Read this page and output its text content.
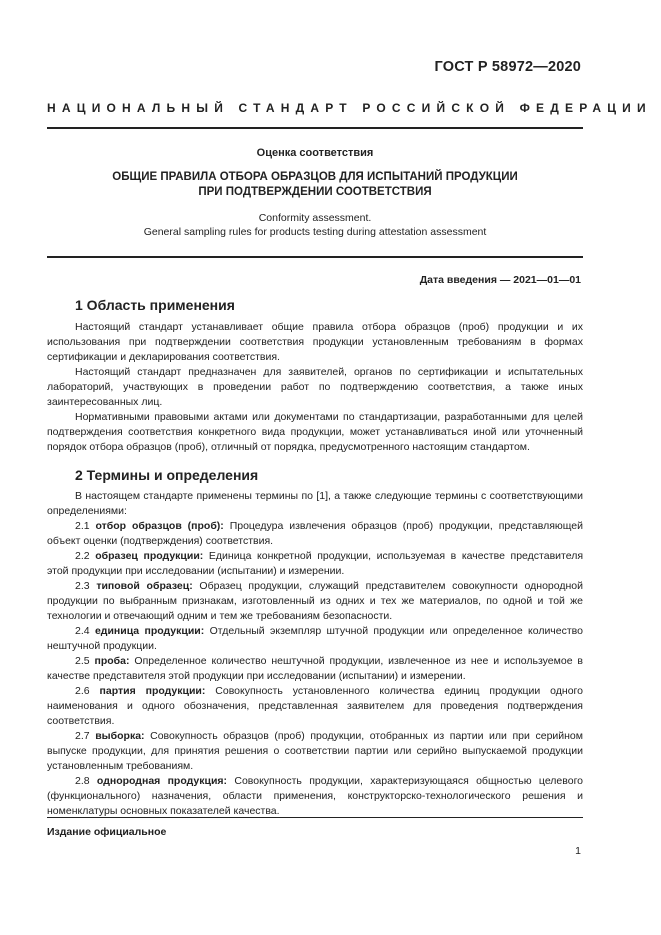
ГОСТ Р 58972—2020
НАЦИОНАЛЬНЫЙ СТАНДАРТ РОССИЙСКОЙ ФЕДЕРАЦИИ
Оценка соответствия
ОБЩИЕ ПРАВИЛА ОТБОРА ОБРАЗЦОВ ДЛЯ ИСПЫТАНИЙ ПРОДУКЦИИ
ПРИ ПОДТВЕРЖДЕНИИ СООТВЕТСТВИЯ
Conformity assessment.
General sampling rules for products testing during attestation assessment
Дата введения — 2021—01—01
1 Область применения

Настоящий стандарт устанавливает общие правила отбора образцов (проб) продукции и их использования при подтверждении соответствия продукции установленным требованиям в формах сертификации и декларирования соответствия.

Настоящий стандарт предназначен для заявителей, органов по сертификации и испытательных лабораторий, участвующих в проведении работ по подтверждению соответствия, а также иных заинтересованных лиц.

Нормативными правовыми актами или документами по стандартизации, разработанными для целей подтверждения соответствия конкретного вида продукции, может устанавливаться иной или уточненный порядок отбора образцов (проб), отличный от порядка, предусмотренного настоящим стандартом.

2 Термины и определения

В настоящем стандарте применены термины по [1], а также следующие термины с соответствующими определениями:

2.1 отбор образцов (проб): Процедура извлечения образцов (проб) продукции, представляющей объект оценки (подтверждения) соответствия.

2.2 образец продукции: Единица конкретной продукции, используемая в качестве представителя этой продукции при исследовании (испытании) и измерении.

2.3 типовой образец: Образец продукции, служащий представителем совокупности однородной продукции по выбранным признакам, изготовленный из одних и тех же материалов, по одной и той же технологии и отвечающий одним и тем же требованиям безопасности.

2.4 единица продукции: Отдельный экземпляр штучной продукции или определенное количество нештучной продукции.

2.5 проба: Определенное количество нештучной продукции, извлеченное из нее и используемое в качестве представителя этой продукции при исследовании (испытании) и измерении.

2.6 партия продукции: Совокупность установленного количества единиц продукции одного наименования и одного обозначения, представленная заявителем для проведения подтверждения соответствия.

2.7 выборка: Совокупность образцов (проб) продукции, отобранных из партии или при серийном выпуске продукции, для принятия решения о соответствии партии или серийно выпускаемой продукции установленным требованиям.

2.8 однородная продукция: Совокупность продукции, характеризующаяся общностью целевого (функционального) назначения, области применения, конструкторско-технологического решения и номенклатуры основных показателей качества.

Издание официальное
1
